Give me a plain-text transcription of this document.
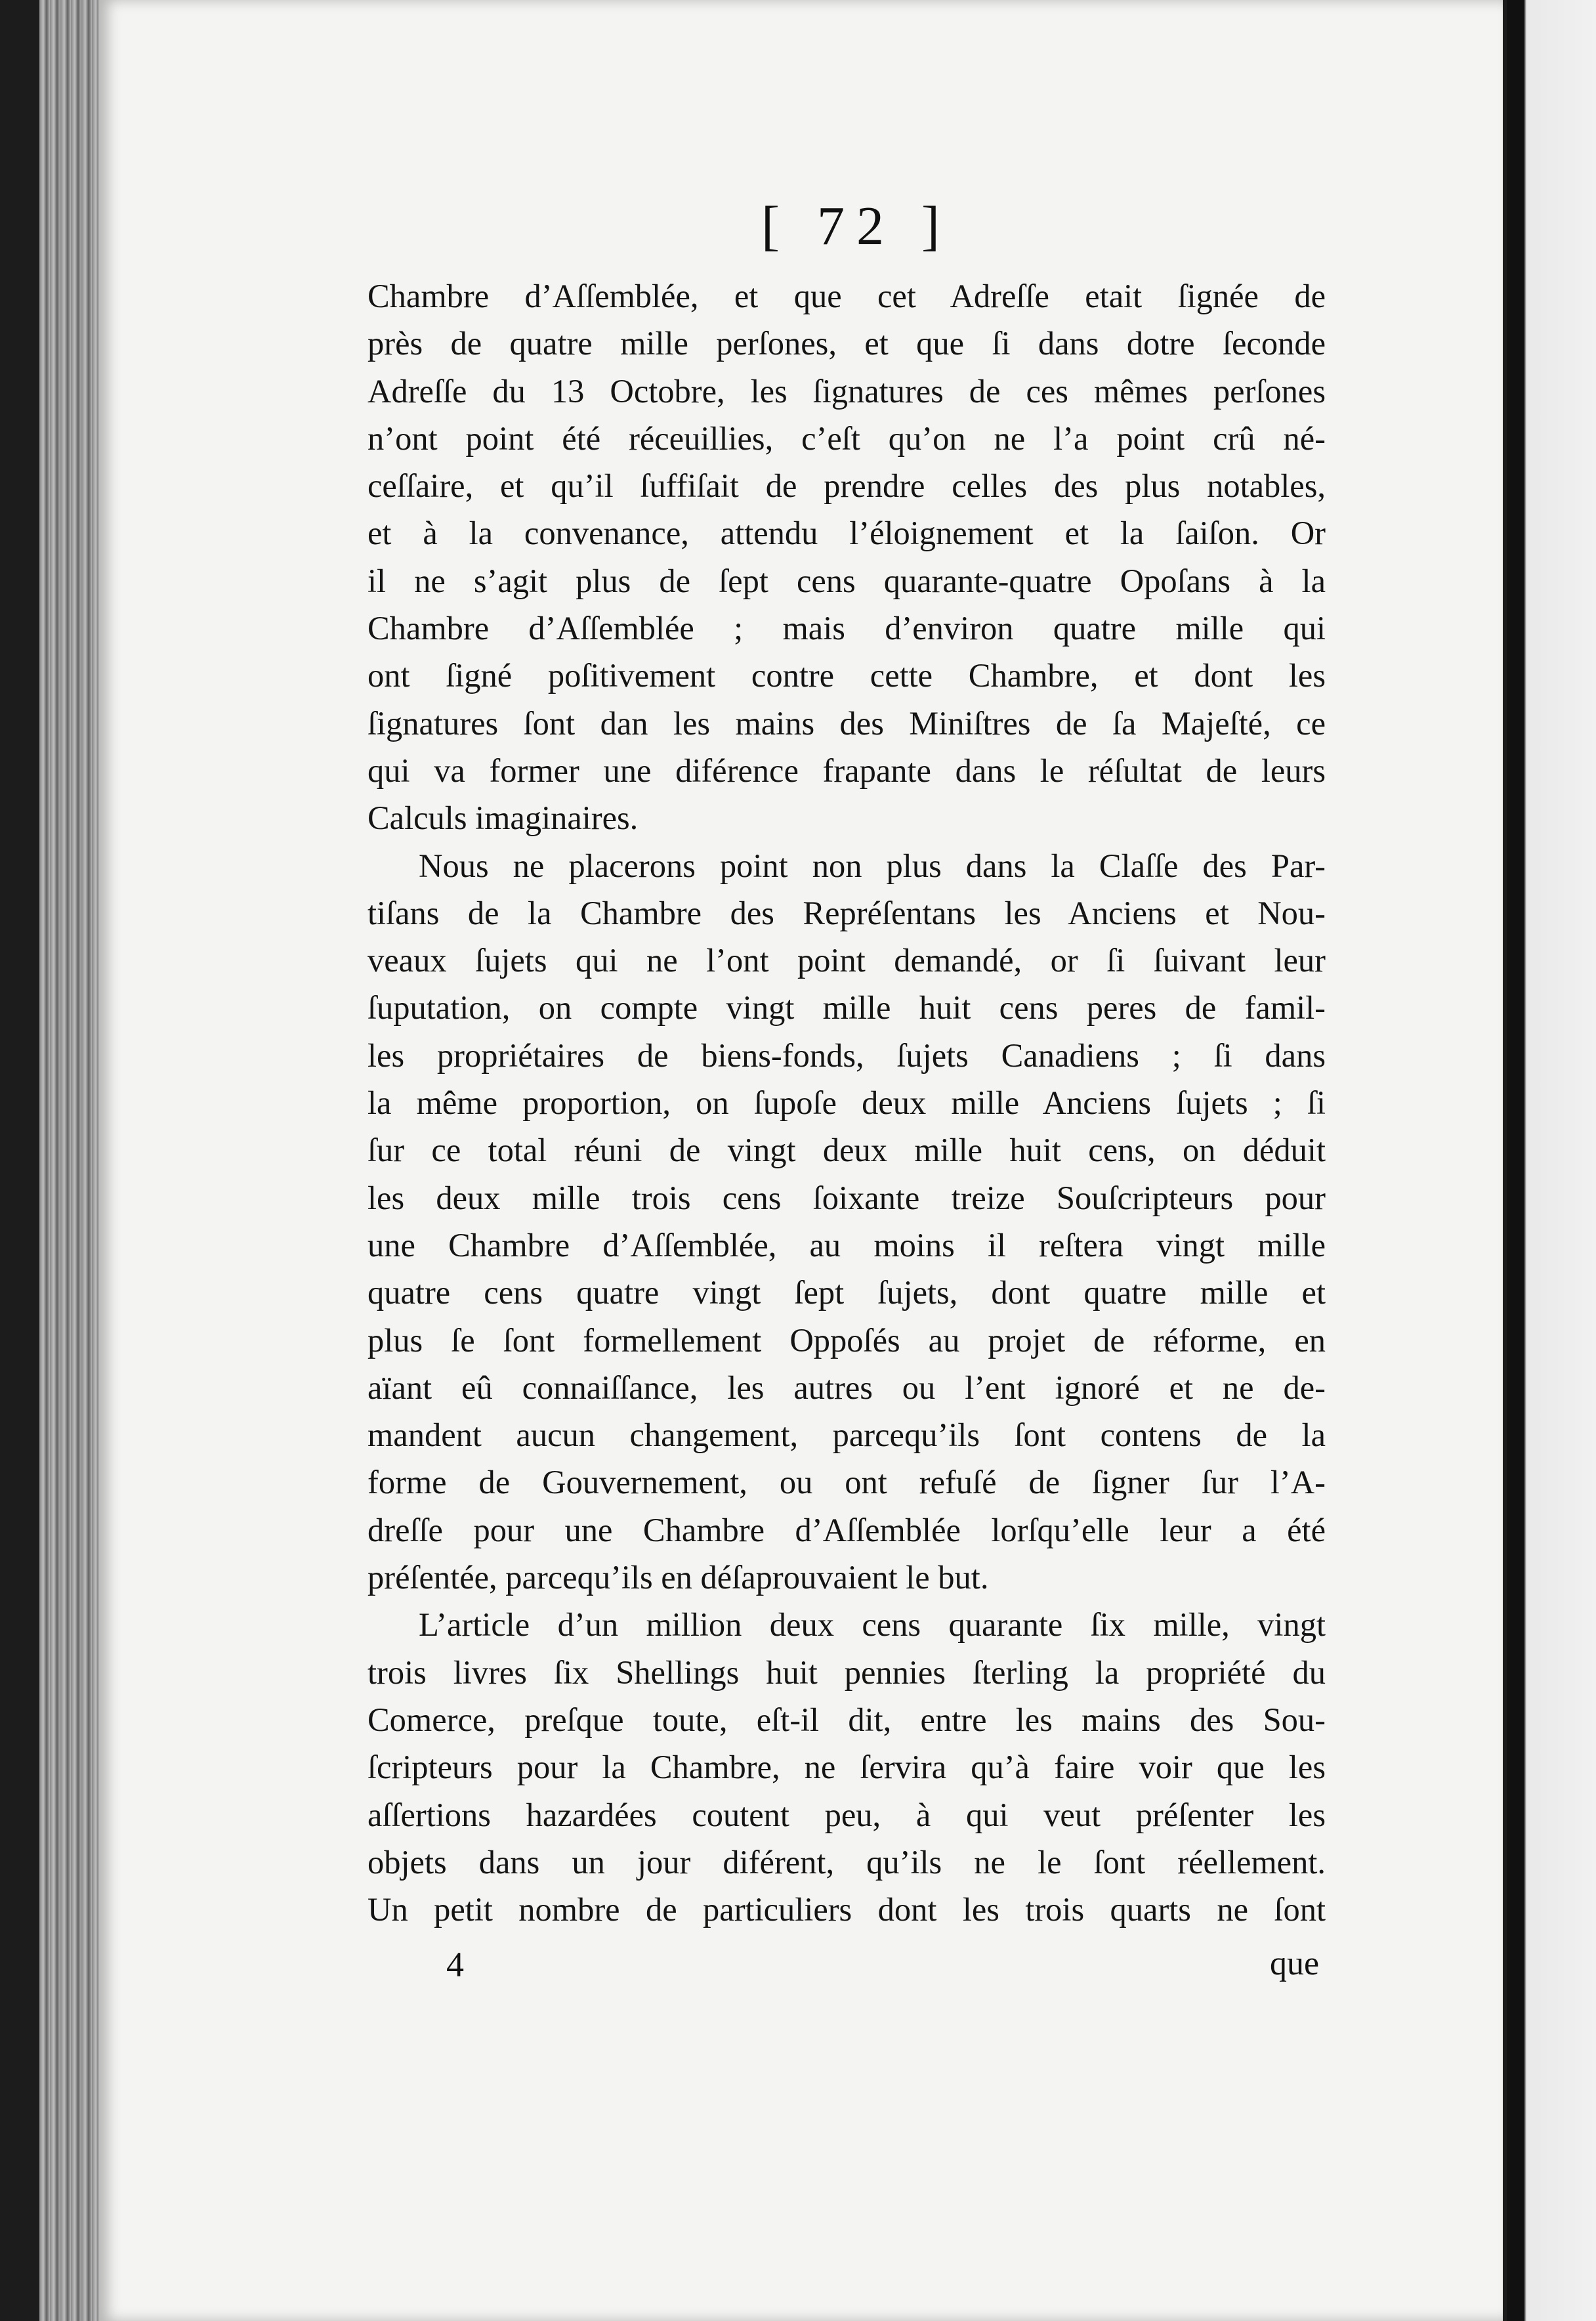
[ 72 ]
Chambre d’Aſſemblée, et que cet Adreſſe etait ſignée de
près de quatre mille perſones, et que ſi dans dotre ſeconde
Adreſſe du 13 Octobre, les ſignatures de ces mêmes perſones
n’ont point été réceuillies, c’eſt qu’on ne l’a point crû né-
ceſſaire, et qu’il ſuffiſait de prendre celles des plus notables,
et à la convenance, attendu l’éloignement et la ſaiſon. Or
il ne s’agit plus de ſept cens quarante-quatre Opoſans à la
Chambre d’Aſſemblée ; mais d’environ quatre mille qui
ont ſigné poſitivement contre cette Chambre, et dont les
ſignatures ſont dan les mains des Miniſtres de ſa Majeſté, ce
qui va former une diférence frapante dans le réſultat de leurs
Calculs imaginaires.
Nous ne placerons point non plus dans la Claſſe des Par-
tiſans de la Chambre des Repréſentans les Anciens et Nou-
veaux ſujets qui ne l’ont point demandé, or ſi ſuivant leur
ſuputation, on compte vingt mille huit cens peres de famil-
les propriétaires de biens-fonds, ſujets Canadiens ; ſi dans
la même proportion, on ſupoſe deux mille Anciens ſujets ; ſi
ſur ce total réuni de vingt deux mille huit cens, on déduit
les deux mille trois cens ſoixante treize Souſcripteurs pour
une Chambre d’Aſſemblée, au moins il reſtera vingt mille
quatre cens quatre vingt ſept ſujets, dont quatre mille et
plus ſe ſont formellement Oppoſés au projet de réforme, en
aïant eû connaiſſance, les autres ou l’ent ignoré et ne de-
mandent aucun changement, parcequ’ils ſont contens de la
forme de Gouvernement, ou ont refuſé de ſigner ſur l’A-
dreſſe pour une Chambre d’Aſſemblée lorſqu’elle leur a été
préſentée, parcequ’ils en déſaprouvaient le but.
L’article d’un million deux cens quarante ſix mille, vingt
trois livres ſix Shellings huit pennies ſterling la propriété du
Comerce, preſque toute, eſt-il dit, entre les mains des Sou-
ſcripteurs pour la Chambre, ne ſervira qu’à faire voir que les
aſſertions hazardées coutent peu, à qui veut préſenter les
objets dans un jour diférent, qu’ils ne le ſont réellement.
Un petit nombre de particuliers dont les trois quarts ne ſont
4	que
